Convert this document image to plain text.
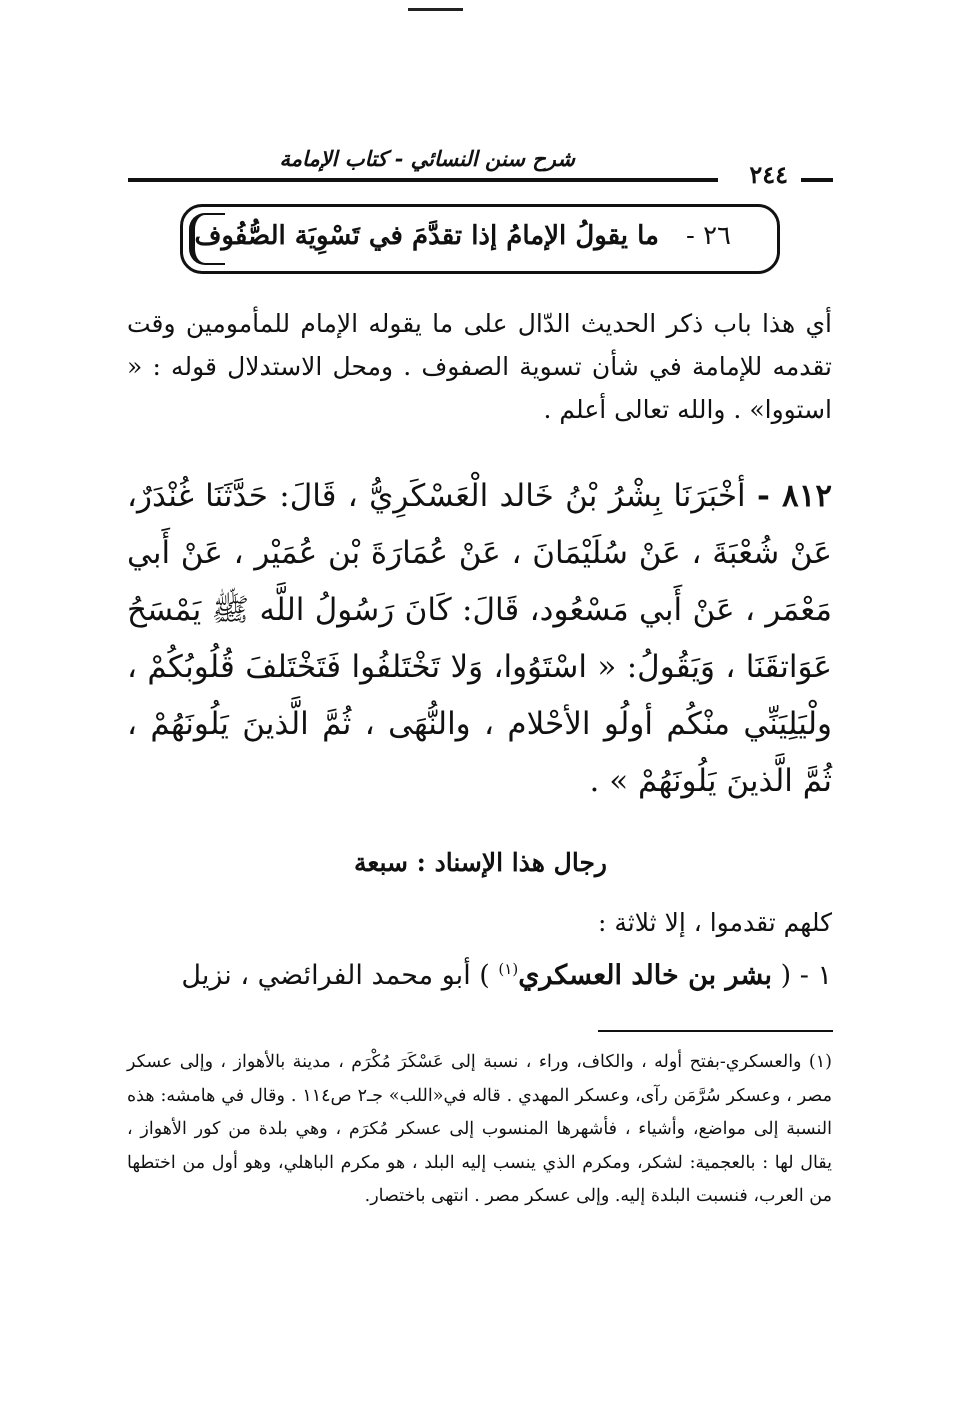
شرح سنن النسائي - كتاب الإمامة
٢٤٤
٢٦ - ما يقولُ الإمامُ إذا تقدَّمَ في تَسْوِيَة الصُّفُوف
أي هذا باب ذكر الحديث الدّال على ما يقوله الإمام للمأمومين وقت تقدمه للإمامة في شأن تسوية الصفوف . ومحل الاستدلال قوله : « استووا» . والله تعالى أعلم .
٨١٢ - أخْبَرَنَا بِشْرُ بْنُ خَالد الْعَسْكَرِيُّ ، قَالَ: حَدَّثَنَا غُنْدَرٌ، عَنْ شُعْبَةَ ، عَنْ سُلَيْمَانَ ، عَنْ عُمَارَةَ بْن عُمَيْر ، عَنْ أَبي مَعْمَر ، عَنْ أَبي مَسْعُود، قَالَ: كَانَ رَسُولُ اللَّه ﷺ يَمْسَحُ عَوَاتقَنَا ، وَيَقُولُ: « اسْتَوُوا، وَلا تَخْتَلفُوا فَتَخْتَلفَ قُلُوبُكُمْ ، ولْيَلِيَنِّي منْكُم أولُو الأحْلام ، والنُّهَى ، ثُمَّ الَّذينَ يَلُونَهُمْ ، ثُمَّ الَّذينَ يَلُونَهُمْ » .
رجال هذا الإسناد : سبعة
كلهم تقدموا ، إلا ثلاثة :
١ - ( بشر بن خالد العسكري$^{(١)}$ ) أبو محمد الفرائضي ، نزيل
(١) والعسكري-بفتح أوله ، والكاف، وراء ، نسبة إلى عَسْكَرَ مُكْرَم ، مدينة بالأهواز ، وإلى عسكر مصر ، وعسكر سُرَّمَن رآى، وعسكر المهدي . قاله في«اللب» جـ٢ ص١١٤ . وقال في هامشه: هذه النسبة إلى مواضع، وأشياء ، فأشهرها المنسوب إلى عسكر مُكرَم ، وهي بلدة من كور الأهواز ، يقال لها : بالعجمية: لشكر، ومكرم الذي ينسب إليه البلد ، هو مكرم الباهلي، وهو أول من اختطها من العرب، فنسبت البلدة إليه. وإلى عسكر مصر . انتهى باختصار.
